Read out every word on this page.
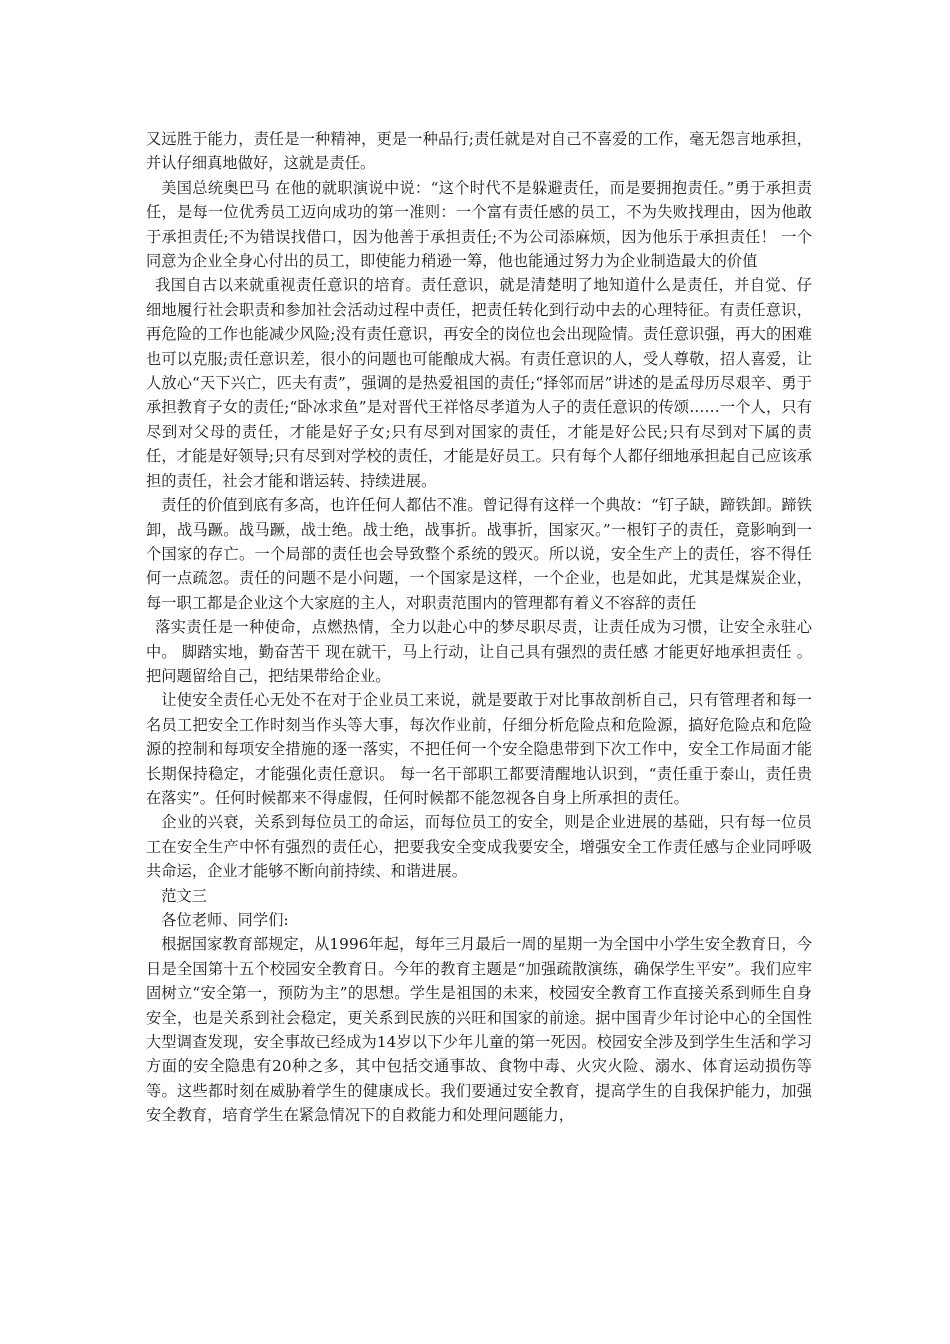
又远胜于能力，责任是一种精神，更是一种品行;责任就是对自己不喜爱的工作，毫无怨言地承担，并认仔细真地做好，这就是责任。

美国总统奥巴马 在他的就职演说中说：“这个时代不是躲避责任，而是要拥抱责任。”勇于承担责任，是每一位优秀员工迈向成功的第一准则：一个富有责任感的员工，不为失败找理由，因为他敢于承担责任;不为错误找借口，因为他善于承担责任;不为公司添麻烦，因为他乐于承担责任！ 一个同意为企业全身心付出的员工，即使能力稍逊一筹，他也能通过努力为企业制造最大的价值

我国自古以来就重视责任意识的培育。责任意识，就是清楚明了地知道什么是责任，并自觉、仔细地履行社会职责和参加社会活动过程中责任，把责任转化到行动中去的心理特征。有责任意识，再危险的工作也能减少风险;没有责任意识，再安全的岗位也会出现险情。责任意识强，再大的困难也可以克服;责任意识差，很小的问题也可能酿成大祸。有责任意识的人，受人尊敬，招人喜爱，让人放心“天下兴亡，匹夫有责”，强调的是热爱祖国的责任;“择邻而居”讲述的是孟母历尽艰辛、勇于承担教育子女的责任;“卧冰求鱼”是对晋代王祥恪尽孝道为人子的责任意识的传颂……一个人，只有尽到对父母的责任，才能是好子女;只有尽到对国家的责任，才能是好公民;只有尽到对下属的责任，才能是好领导;只有尽到对学校的责任，才能是好员工。只有每个人都仔细地承担起自己应该承担的责任，社会才能和谐运转、持续进展。

责任的价值到底有多高，也许任何人都估不准。曾记得有这样一个典故：“钉子缺，蹄铁卸。蹄铁卸，战马蹶。战马蹶，战士绝。战士绝，战事折。战事折，国家灭。”一根钉子的责任，竟影响到一个国家的存亡。一个局部的责任也会导致整个系统的毁灭。所以说，安全生产上的责任，容不得任何一点疏忽。责任的问题不是小问题，一个国家是这样，一个企业，也是如此，尤其是煤炭企业，每一职工都是企业这个大家庭的主人，对职责范围内的管理都有着义不容辞的责任

落实责任是一种使命，点燃热情，全力以赴心中的梦尽职尽责，让责任成为习惯，让安全永驻心中。 脚踏实地，勤奋苦干 现在就干，马上行动，让自己具有强烈的责任感 才能更好地承担责任 。把问题留给自己，把结果带给企业。

让使安全责任心无处不在对于企业员工来说，就是要敢于对比事故剖析自己，只有管理者和每一名员工把安全工作时刻当作头等大事，每次作业前，仔细分析危险点和危险源，搞好危险点和危险源的控制和每项安全措施的逐一落实，不把任何一个安全隐患带到下次工作中，安全工作局面才能长期保持稳定，才能强化责任意识。 每一名干部职工都要清醒地认识到，“责任重于泰山，责任贵在落实”。任何时候都来不得虚假，任何时候都不能忽视各自身上所承担的责任。

企业的兴衰，关系到每位员工的命运，而每位员工的安全，则是企业进展的基础，只有每一位员工在安全生产中怀有强烈的责任心，把要我安全变成我要安全，增强安全工作责任感与企业同呼吸共命运，企业才能够不断向前持续、和谐进展。

范文三

各位老师、同学们:

根据国家教育部规定，从1996年起，每年三月最后一周的星期一为全国中小学生安全教育日，今日是全国第十五个校园安全教育日。今年的教育主题是“加强疏散演练，确保学生平安”。我们应牢固树立“安全第一，预防为主”的思想。学生是祖国的未来，校园安全教育工作直接关系到师生自身安全，也是关系到社会稳定，更关系到民族的兴旺和国家的前途。据中国青少年讨论中心的全国性大型调查发现，安全事故已经成为14岁以下少年儿童的第一死因。校园安全涉及到学生生活和学习方面的安全隐患有20种之多，其中包括交通事故、食物中毒、火灾火险、溺水、体育运动损伤等等。这些都时刻在威胁着学生的健康成长。我们要通过安全教育，提高学生的自我保护能力，加强安全教育，培育学生在紧急情况下的自救能力和处理问题能力，
